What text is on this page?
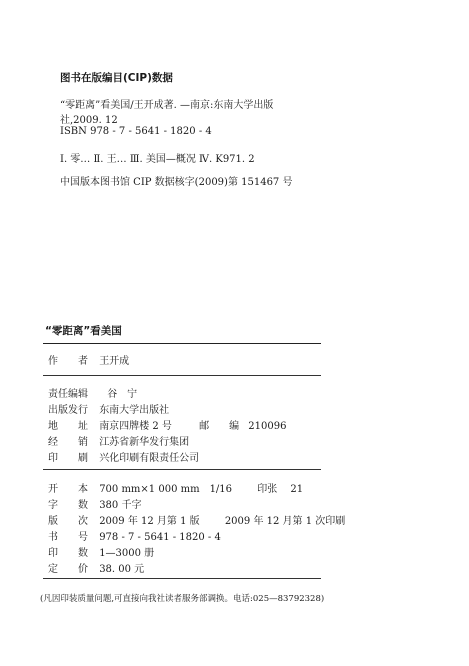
图书在版编目(CIP)数据
“零距离”看美国/王开成著. —南京:东南大学出版
社,2009. 12
ISBN 978 - 7 - 5641 - 1820 - 4
Ⅰ. 零… Ⅱ. 王… Ⅲ. 美国—概况 Ⅳ. K971. 2
中国版本图书馆 CIP 数据核字(2009)第 151467 号
“零距离”看美国
作　　者 王开成
责任编辑 谷　宁
出版发行 东南大学出版社
地　　址 南京四牌楼 2 号	邮　　编 210096
经　　销 江苏省新华发行集团
印　　刷 兴化印刷有限责任公司
开　　本 700 mm×1 000 mm　1/16	印张 21
字　　数 380 千字
版　　次 2009 年 12 月第 1 版	2009 年 12 月第 1 次印刷
书　　号 978 - 7 - 5641 - 1820 - 4
印　　数 1—3000 册
定　　价 38. 00 元
(凡因印装质量问题,可直接向我社读者服务部调换。电话:025—83792328)
